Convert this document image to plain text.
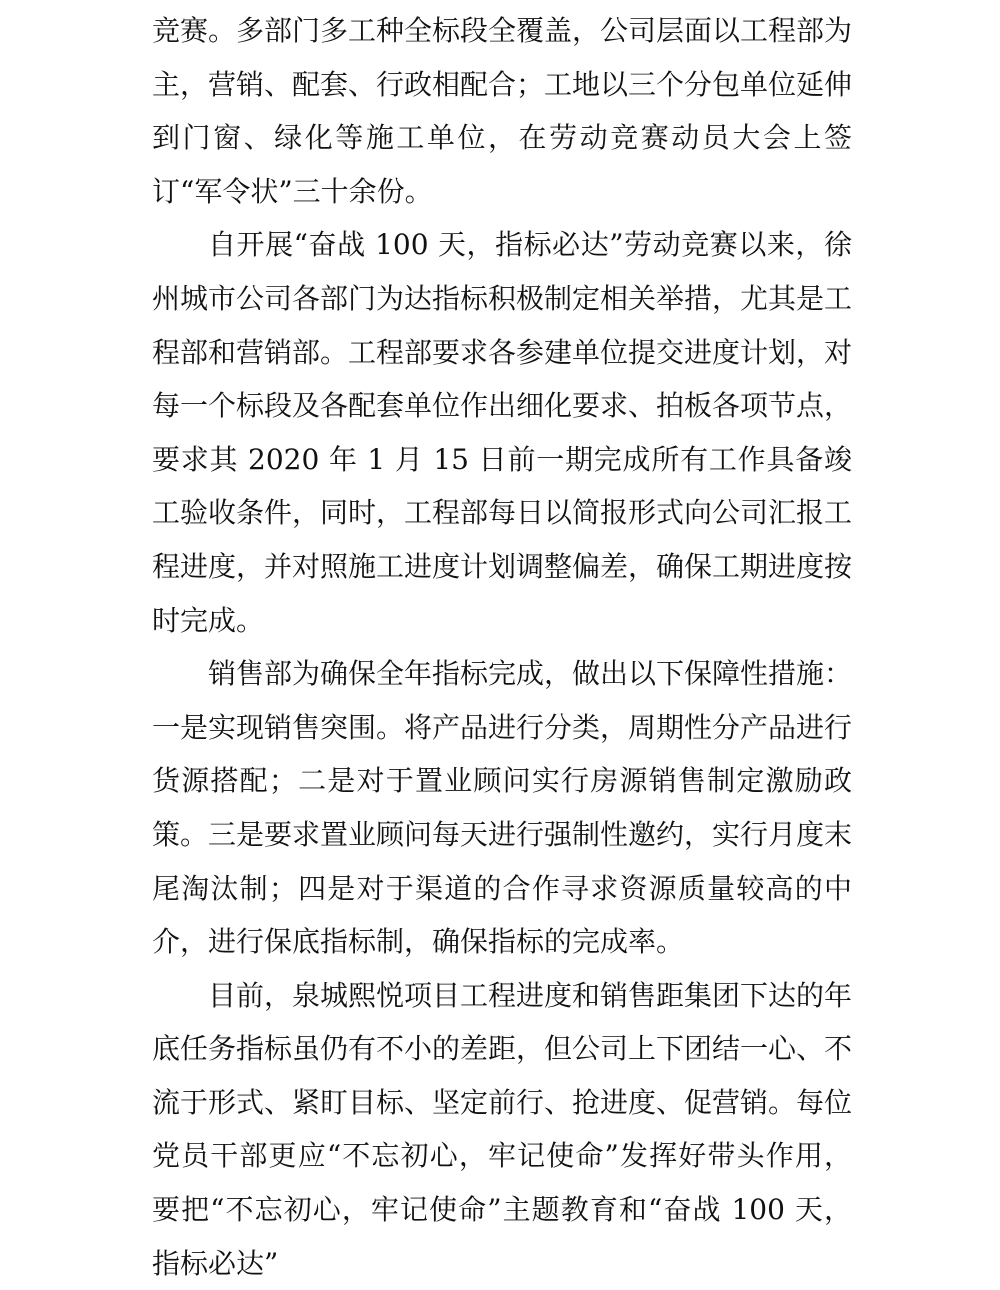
竞赛。多部门多工种全标段全覆盖，公司层面以工程部为主，营销、配套、行政相配合；工地以三个分包单位延伸到门窗、绿化等施工单位，在劳动竞赛动员大会上签订“军令状”三十余份。

自开展“奋战 100 天，指标必达”劳动竞赛以来，徐州城市公司各部门为达指标积极制定相关举措，尤其是工程部和营销部。工程部要求各参建单位提交进度计划，对每一个标段及各配套单位作出细化要求、拍板各项节点，要求其 2020 年 1 月 15 日前一期完成所有工作具备竣工验收条件，同时，工程部每日以简报形式向公司汇报工程进度，并对照施工进度计划调整偏差，确保工期进度按时完成。

销售部为确保全年指标完成，做出以下保障性措施：一是实现销售突围。将产品进行分类，周期性分产品进行货源搭配；二是对于置业顾问实行房源销售制定激励政策。三是要求置业顾问每天进行强制性邀约，实行月度末尾淘汰制；四是对于渠道的合作寻求资源质量较高的中介，进行保底指标制，确保指标的完成率。

目前，泉城熙悦项目工程进度和销售距集团下达的年底任务指标虽仍有不小的差距，但公司上下团结一心、不流于形式、紧盯目标、坚定前行、抢进度、促营销。每位党员干部更应“不忘初心，牢记使命”发挥好带头作用，要把“不忘初心，牢记使命”主题教育和“奋战 100 天，指标必达”
